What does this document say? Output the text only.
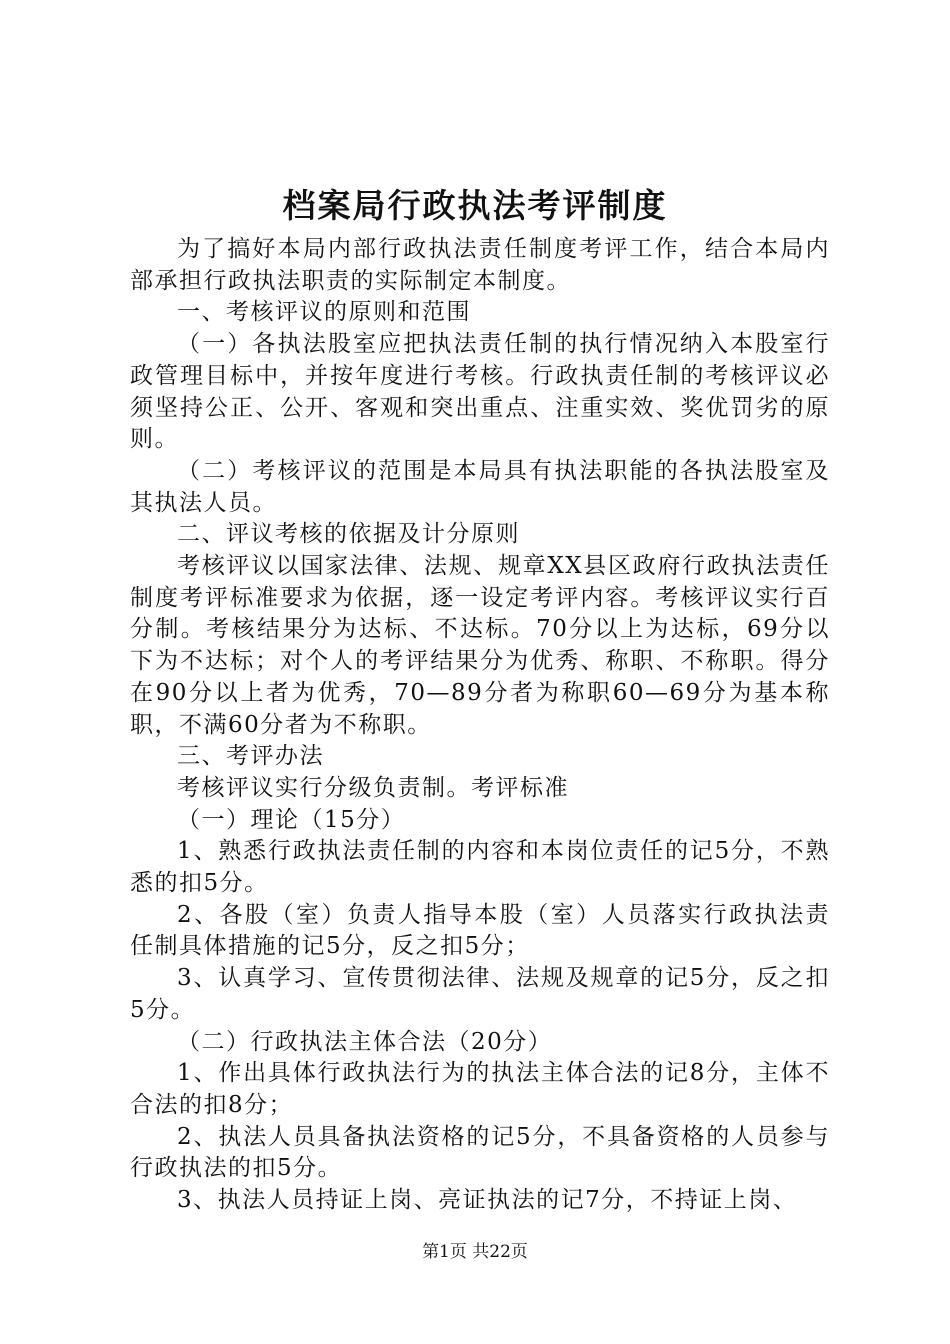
档案局行政执法考评制度

为了搞好本局内部行政执法责任制度考评工作，结合本局内部承担行政执法职责的实际制定本制度。

一、考核评议的原则和范围

（一）各执法股室应把执法责任制的执行情况纳入本股室行政管理目标中，并按年度进行考核。行政执责任制的考核评议必须坚持公正、公开、客观和突出重点、注重实效、奖优罚劣的原则。

（二）考核评议的范围是本局具有执法职能的各执法股室及其执法人员。

二、评议考核的依据及计分原则

考核评议以国家法律、法规、规章XX县区政府行政执法责任制度考评标准要求为依据，逐一设定考评内容。考核评议实行百分制。考核结果分为达标、不达标。70分以上为达标，69分以下为不达标；对个人的考评结果分为优秀、称职、不称职。得分在90分以上者为优秀，70—89分者为称职60—69分为基本称职，不满60分者为不称职。

三、考评办法

考核评议实行分级负责制。考评标准

（一）理论（15分）

1、熟悉行政执法责任制的内容和本岗位责任的记5分，不熟悉的扣5分。

2、各股（室）负责人指导本股（室）人员落实行政执法责任制具体措施的记5分，反之扣5分；

3、认真学习、宣传贯彻法律、法规及规章的记5分，反之扣5分。

（二）行政执法主体合法（20分）

1、作出具体行政执法行为的执法主体合法的记8分，主体不合法的扣8分；

2、执法人员具备执法资格的记5分，不具备资格的人员参与行政执法的扣5分。

3、执法人员持证上岗、亮证执法的记7分，不持证上岗、

第1页 共22页
